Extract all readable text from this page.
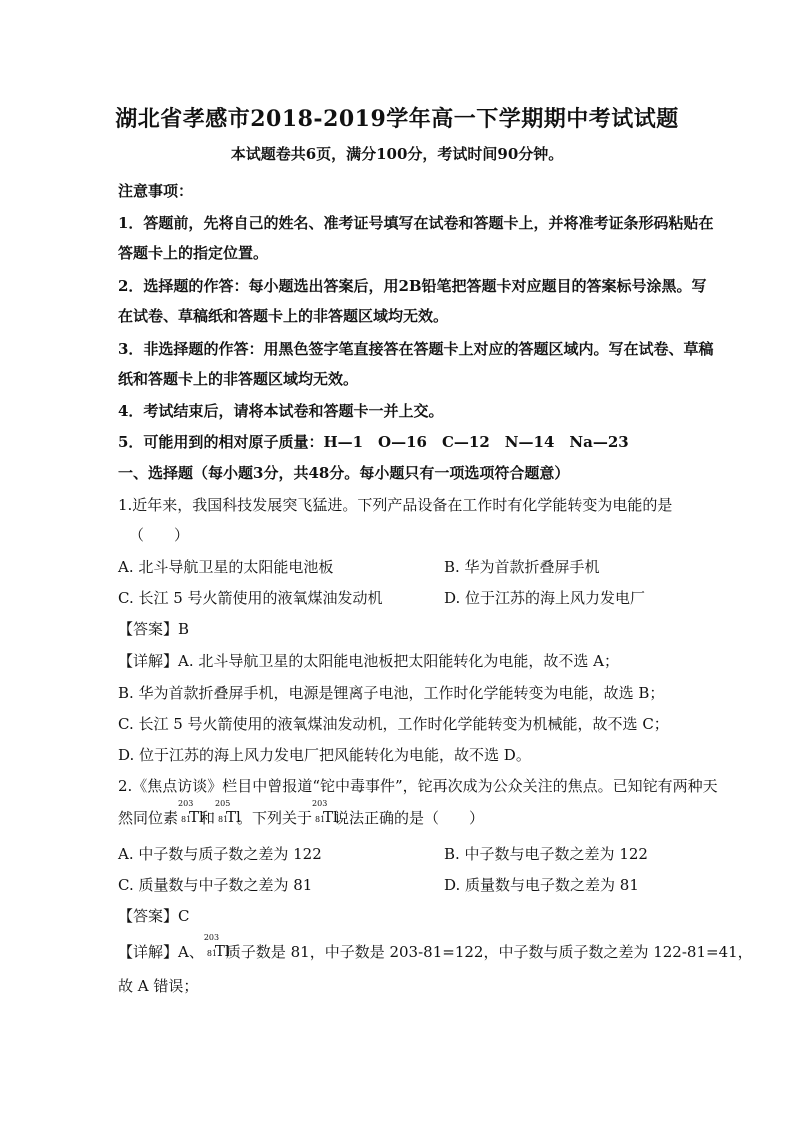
湖北省孝感市2018-2019学年高一下学期期中考试试题
本试题卷共6页，满分100分，考试时间90分钟。
注意事项：
1．答题前，先将自己的姓名、准考证号填写在试卷和答题卡上，并将准考证条形码粘贴在
答题卡上的指定位置。
2．选择题的作答：每小题选出答案后，用2B铅笔把答题卡对应题目的答案标号涂黑。写
在试卷、草稿纸和答题卡上的非答题区域均无效。
3．非选择题的作答：用黑色签字笔直接答在答题卡上对应的答题区域内。写在试卷、草稿
纸和答题卡上的非答题区域均无效。
4．考试结束后，请将本试卷和答题卡一并上交。
5．可能用到的相对原子质量：H—1　O—16　C—12　N—14　Na—23
一、选择题（每小题3分，共48分。每小题只有一项选项符合题意）
1.近年来，我国科技发展突飞猛进。下列产品设备在工作时有化学能转变为电能的是
（　　）
A. 北斗导航卫星的太阳能电池板	B. 华为首款折叠屏手机
C. 长江 5 号火箭使用的液氧煤油发动机	D. 位于江苏的海上风力发电厂
【答案】B
【详解】A. 北斗导航卫星的太阳能电池板把太阳能转化为电能，故不选 A；
B. 华为首款折叠屏手机，电源是锂离子电池，工作时化学能转变为电能，故选 B；
C. 长江 5 号火箭使用的液氧煤油发动机，工作时化学能转变为机械能，故不选 C；
D. 位于江苏的海上风力发电厂把风能转化为电能，故不选 D。
2.《焦点访谈》栏目中曾报道“铊中毒事件”，铊再次成为公众关注的焦点。已知铊有两种天
然同位素
203
81
Tl
和
205
81
Tl
。下列关于
203
81
Tl
说法正确的是（　　）
A. 中子数与质子数之差为 122	B. 中子数与电子数之差为 122
C. 质量数与中子数之差为 81	D. 质量数与电子数之差为 81
【答案】C
【详解】A、
203
81
Tl
质子数是 81，中子数是 203-81=122，中子数与质子数之差为 122-81=41，
故 A 错误；
